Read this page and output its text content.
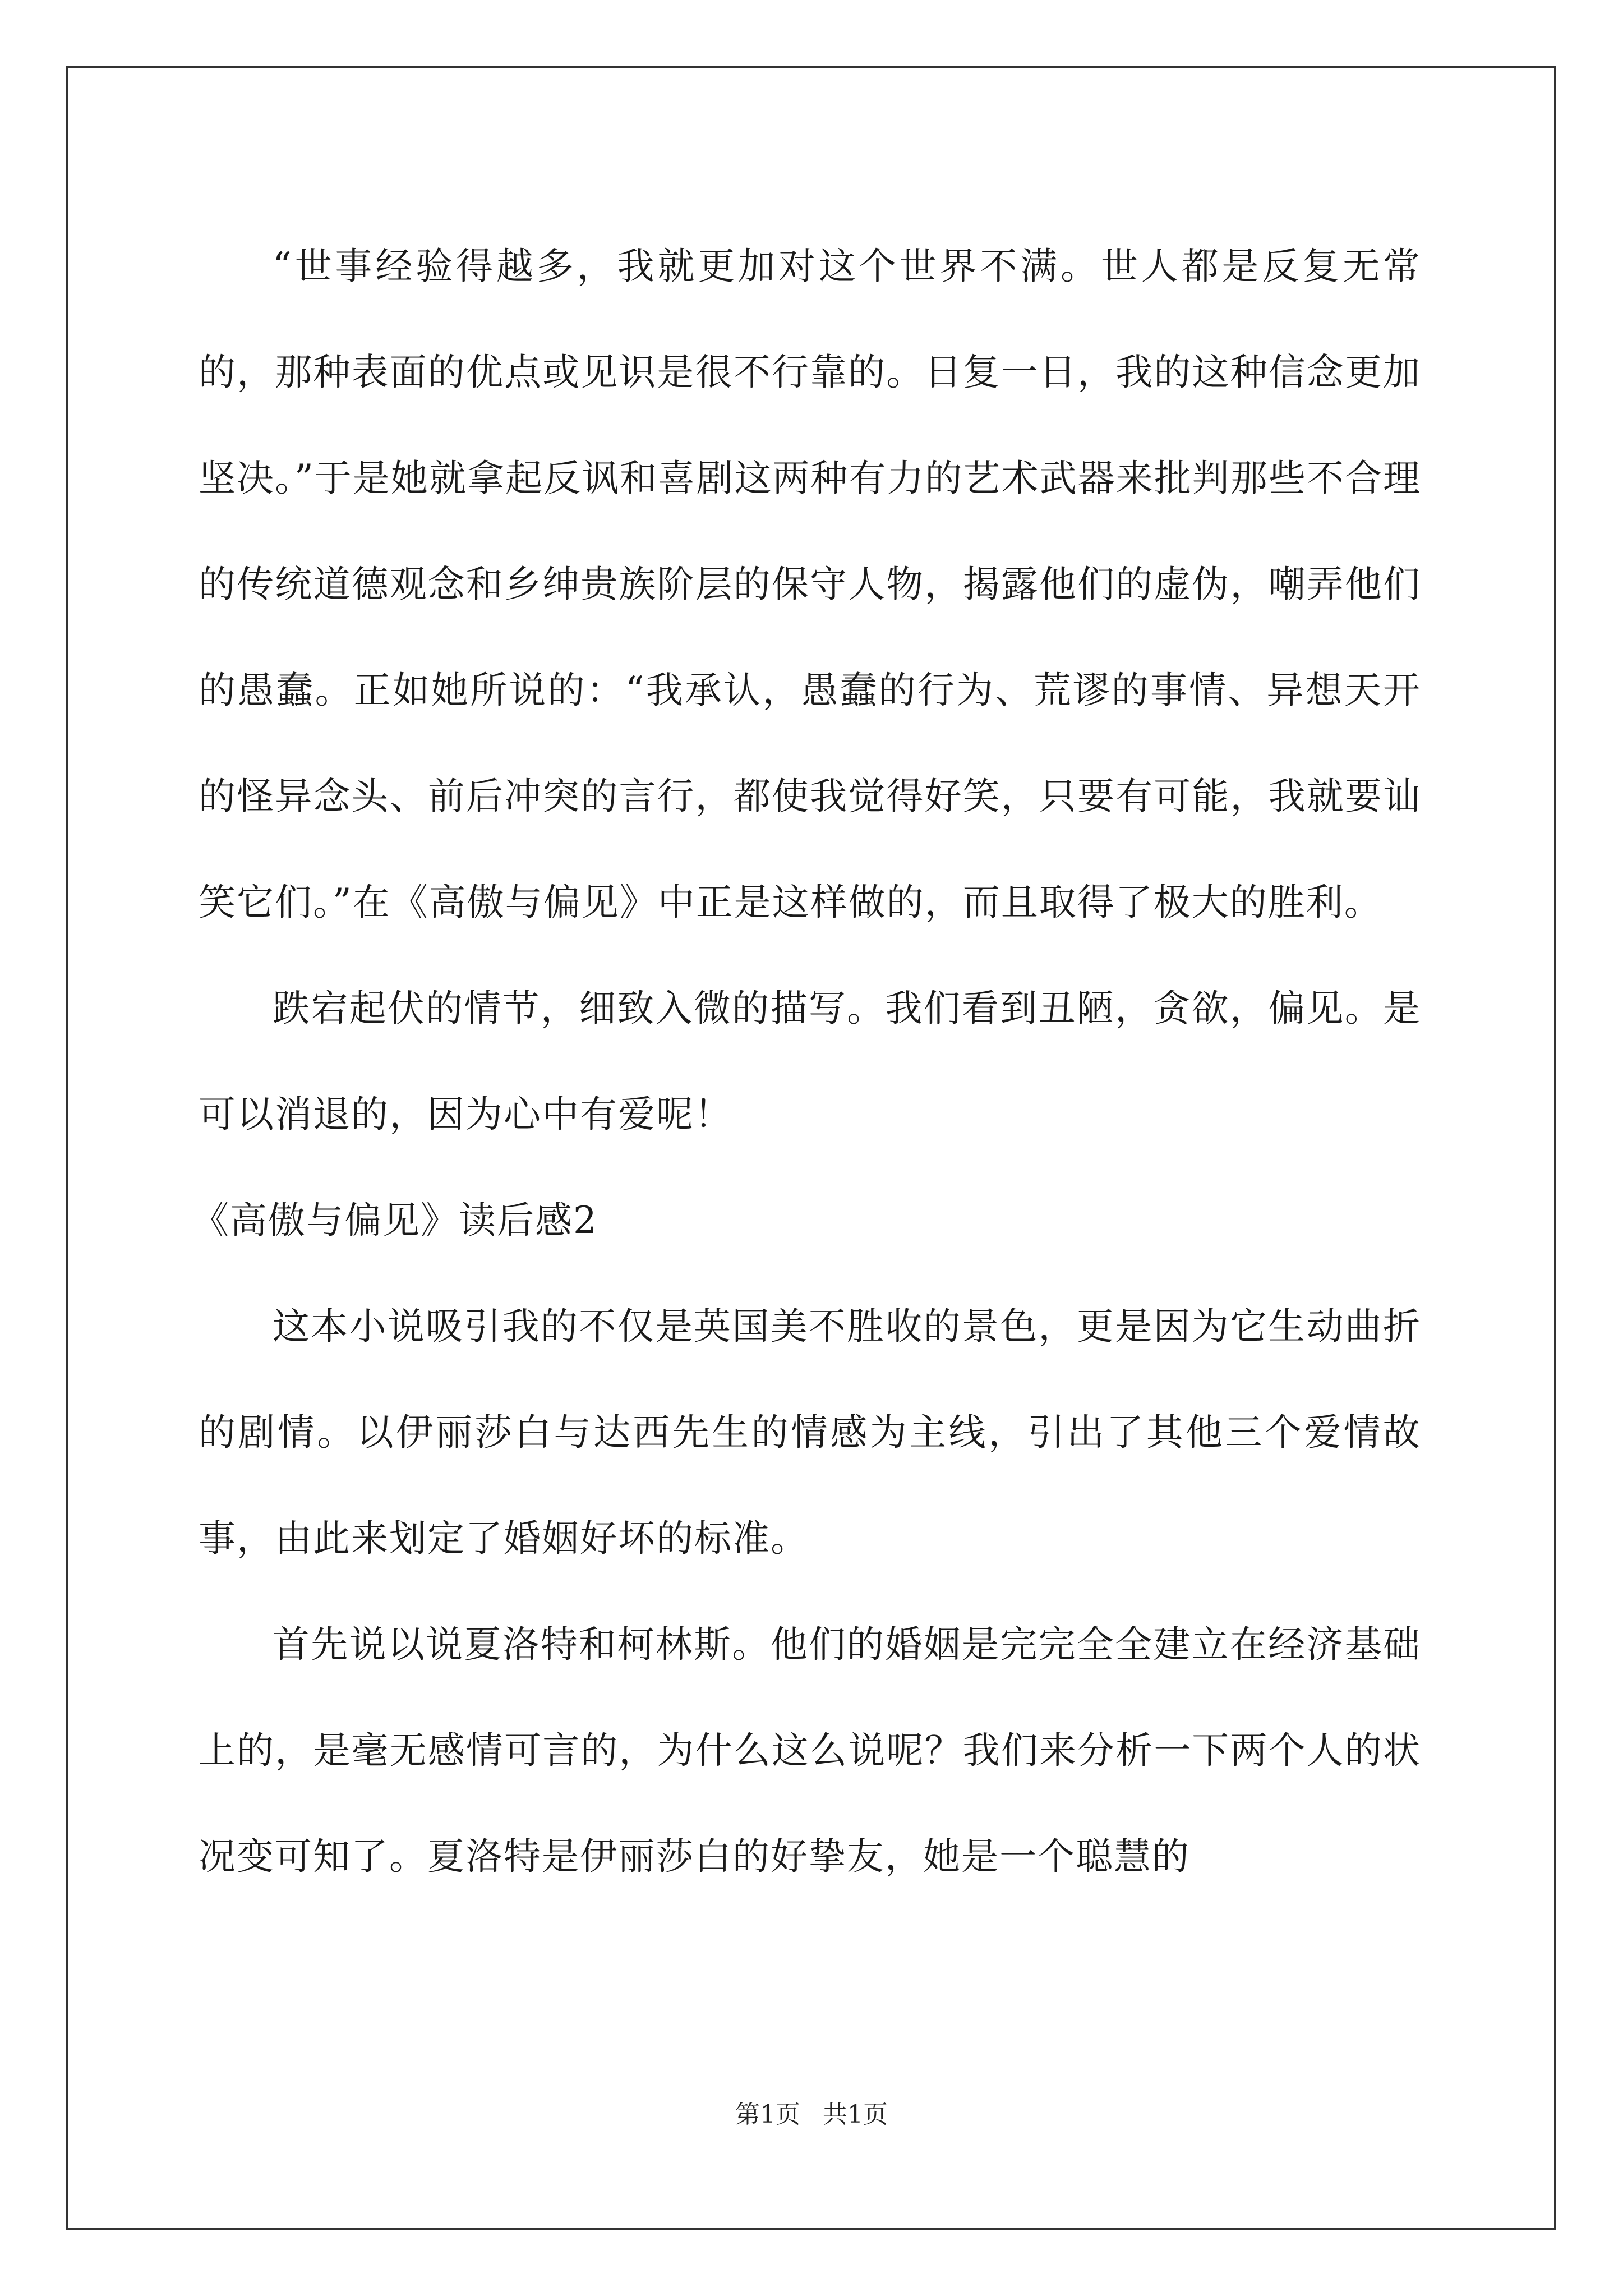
“世事经验得越多，我就更加对这个世界不满。世人都是反复无常的，那种表面的优点或见识是很不行靠的。日复一日，我的这种信念更加坚决。”于是她就拿起反讽和喜剧这两种有力的艺术武器来批判那些不合理的传统道德观念和乡绅贵族阶层的保守人物，揭露他们的虚伪，嘲弄他们的愚蠢。正如她所说的：“我承认，愚蠢的行为、荒谬的事情、异想天开的怪异念头、前后冲突的言行，都使我觉得好笑，只要有可能，我就要讪笑它们。”在《高傲与偏见》中正是这样做的，而且取得了极大的胜利。

跌宕起伏的情节，细致入微的描写。我们看到丑陋，贪欲，偏见。是可以消退的，因为心中有爱呢！

《高傲与偏见》读后感2

这本小说吸引我的不仅是英国美不胜收的景色，更是因为它生动曲折的剧情。以伊丽莎白与达西先生的情感为主线，引出了其他三个爱情故事，由此来划定了婚姻好坏的标准。

首先说以说夏洛特和柯林斯。他们的婚姻是完完全全建立在经济基础上的，是毫无感情可言的，为什么这么说呢？我们来分析一下两个人的状况变可知了。夏洛特是伊丽莎白的好挚友，她是一个聪慧的

第1页 共1页
